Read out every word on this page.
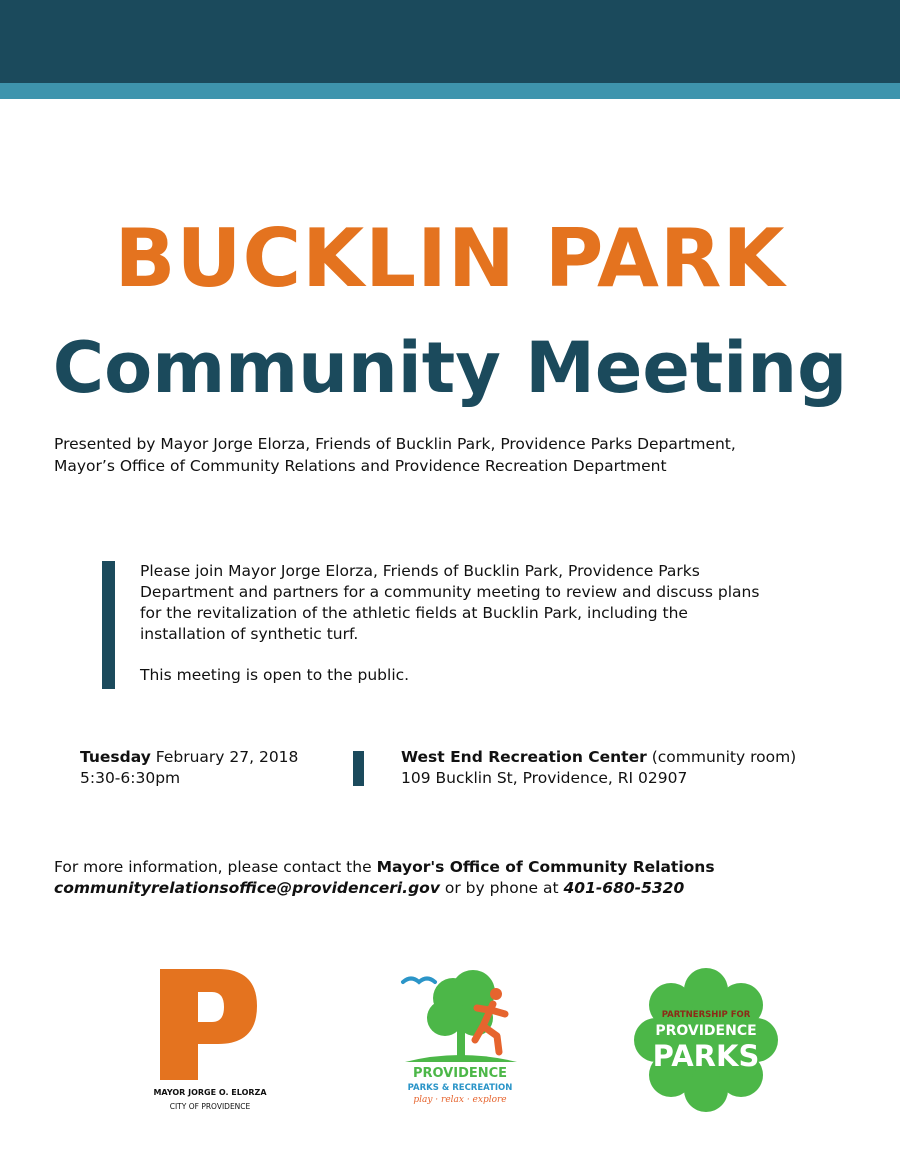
BUCKLIN PARK
Community Meeting
Presented by Mayor Jorge Elorza, Friends of Bucklin Park, Providence Parks Department,
Mayor’s Office of Community Relations and Providence Recreation Department
Please join Mayor Jorge Elorza, Friends of Bucklin Park, Providence Parks
Department and partners for a community meeting to review and discuss plans
for the revitalization of the athletic fields at Bucklin Park, including the
installation of synthetic turf.
This meeting is open to the public.
Tuesday February 27, 2018
5:30-6:30pm
West End Recreation Center (community room)
109 Bucklin St, Providence, RI 02907
For more information, please contact the Mayor's Office of Community Relations
communityrelationsoffice@providenceri.gov or by phone at 401-680-5320
MAYOR JORGE O. ELORZA
CITY OF PROVIDENCE
PROVIDENCE
PARKS & RECREATION
play · relax · explore
PARTNERSHIP FOR
PROVIDENCE
PARKS
